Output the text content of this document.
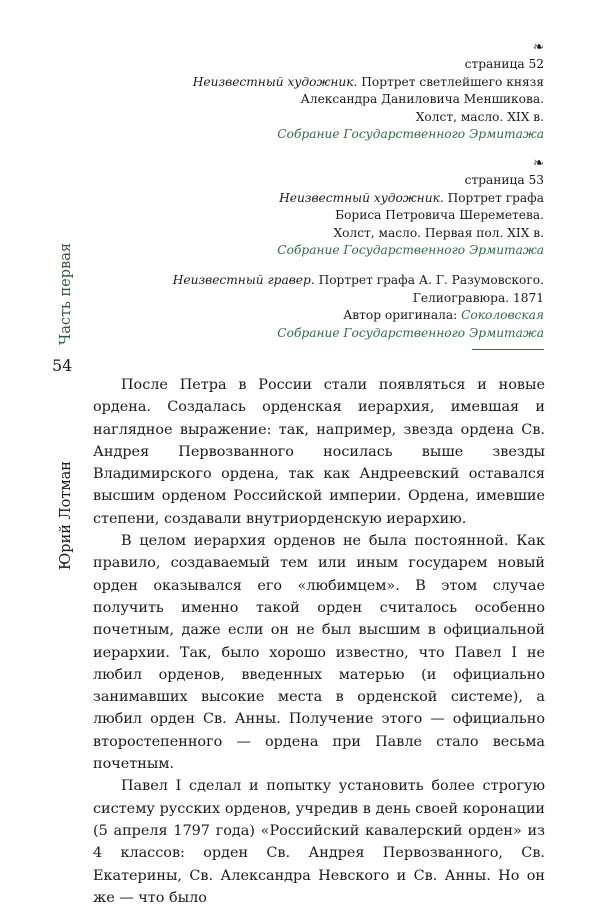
Часть первая
54
Юрий Лотман
❧
страница 52
Неизвестный художник. Портрет светлейшего князя
Александра Даниловича Меншикова.
Холст, масло. XIX в.
Собрание Государственного Эрмитажа
❧
страница 53
Неизвестный художник. Портрет графа
Бориса Петровича Шереметева.
Холст, масло. Первая пол. XIX в.
Собрание Государственного Эрмитажа
Неизвестный гравер. Портрет графа А. Г. Разумовского.
Гелиогравюра. 1871
Автор оригинала: Соколовская
Собрание Государственного Эрмитажа

После Петра в России стали появляться и новые ордена. Создалась орденская иерархия, имевшая и наглядное выражение: так, например, звезда ордена Св. Андрея Первозванного носилась выше звезды Владимирского ордена, так как Андреевский оставался высшим орденом Российской империи. Ордена, имевшие степени, создавали внутриорденскую иерархию.

В целом иерархия орденов не была постоянной. Как правило, создаваемый тем или иным государем новый орден оказывался его «любимцем». В этом случае получить именно такой орден считалось особенно почетным, даже если он не был высшим в официальной иерархии. Так, было хорошо известно, что Павел I не любил орденов, введенных матерью (и официально занимавших высокие места в орденской системе), а любил орден Св. Анны. Получение этого — официально второстепенного — ордена при Павле стало весьма почетным.

Павел I сделал и попытку установить более строгую систему русских орденов, учредив в день своей коронации (5 апреля 1797 года) «Российский кавалерский орден» из 4 классов: орден Св. Андрея Первозванного, Св. Екатерины, Св. Александра Невского и Св. Анны. Но он же — что было
